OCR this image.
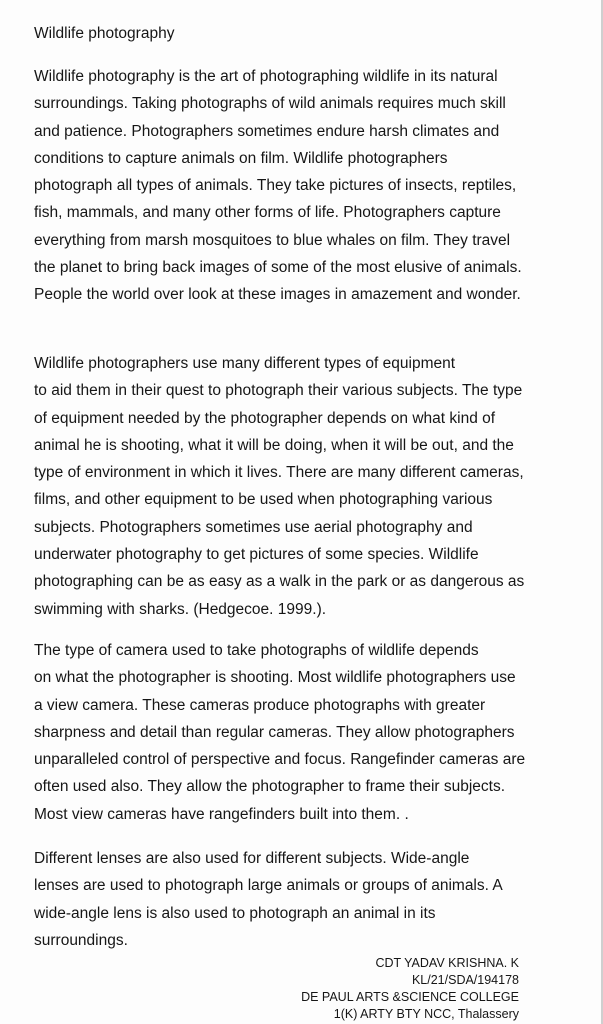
Wildlife photography

Wildlife photography is the art of photographing wildlife in its natural
surroundings. Taking photographs of wild animals requires much skill
and patience. Photographers sometimes endure harsh climates and
conditions to capture animals on film. Wildlife photographers
photograph all types of animals. They take pictures of insects, reptiles,
fish, mammals, and many other forms of life. Photographers capture
everything from marsh mosquitoes to blue whales on film. They travel
the planet to bring back images of some of the most elusive of animals.
People the world over look at these images in amazement and wonder.

Wildlife photographers use many different types of equipment
to aid them in their quest to photograph their various subjects. The type
of equipment needed by the photographer depends on what kind of
animal he is shooting, what it will be doing, when it will be out, and the
type of environment in which it lives. There are many different cameras,
films, and other equipment to be used when photographing various
subjects. Photographers sometimes use aerial photography and
underwater photography to get pictures of some species. Wildlife
photographing can be as easy as a walk in the park or as dangerous as
swimming with sharks. (Hedgecoe. 1999.).

The type of camera used to take photographs of wildlife depends
on what the photographer is shooting. Most wildlife photographers use
a view camera. These cameras produce photographs with greater
sharpness and detail than regular cameras. They allow photographers
unparalleled control of perspective and focus. Rangefinder cameras are
often used also. They allow the photographer to frame their subjects.
Most view cameras have rangefinders built into them. .

Different lenses are also used for different subjects. Wide-angle
lenses are used to photograph large animals or groups of animals. A
wide-angle lens is also used to photograph an animal in its
surroundings.

CDT YADAV KRISHNA. K
KL/21/SDA/194178
DE PAUL ARTS &SCIENCE COLLEGE
1(K) ARTY BTY NCC, Thalassery
